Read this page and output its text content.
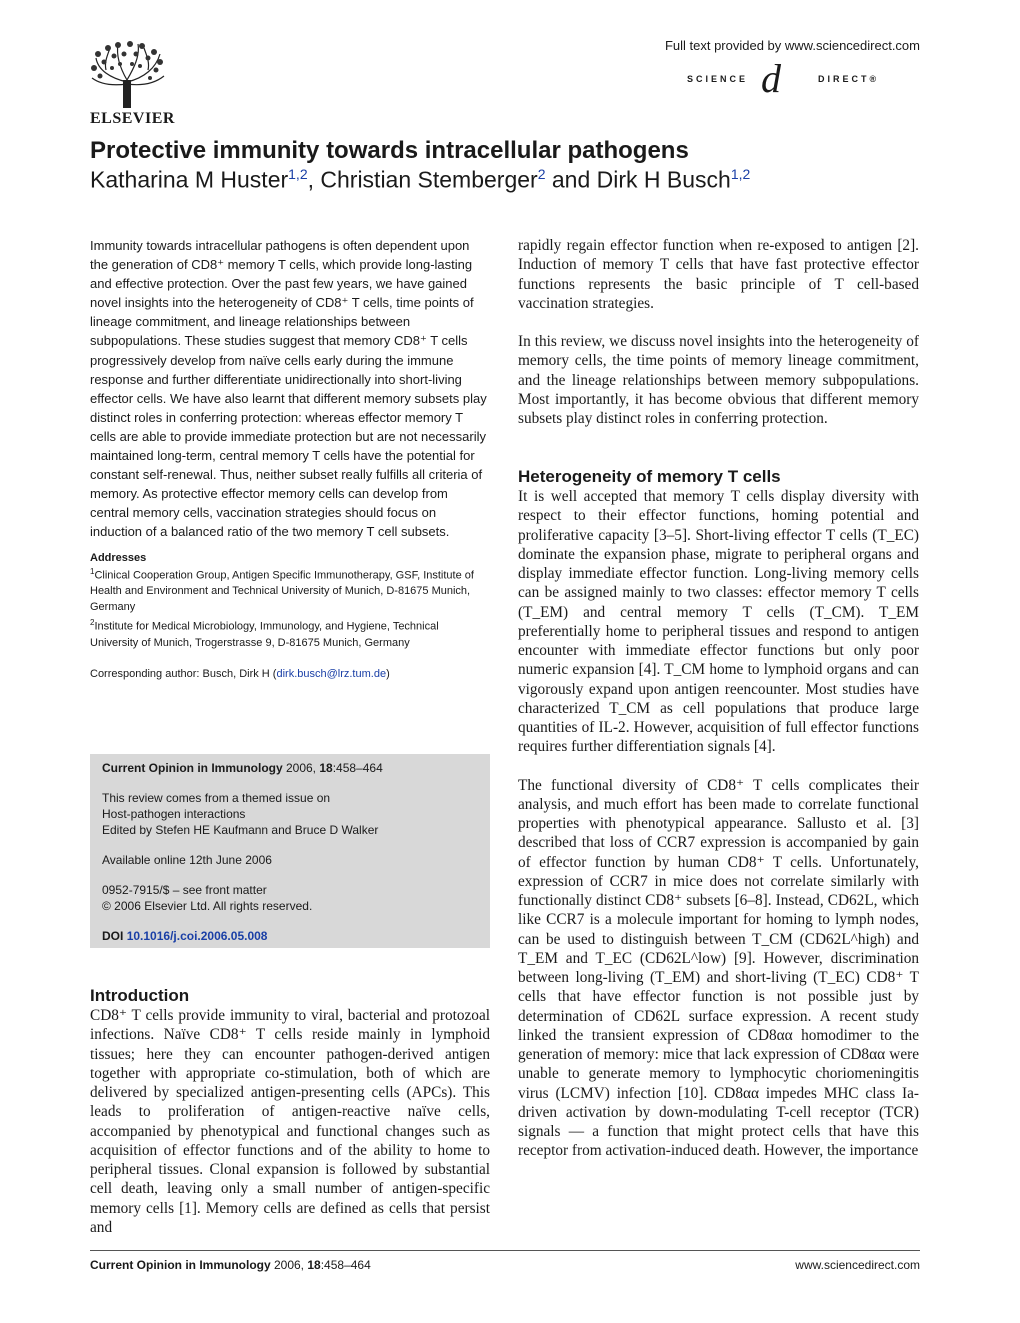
ELSEVIER
Full text provided by www.sciencedirect.com
SCIENCE d	DIRECT®
Protective immunity towards intracellular pathogens

Katharina M Huster$^{1,2}$, Christian Stemberger$^2$ and Dirk H Busch$^{1,2}$

Immunity towards intracellular pathogens is often dependent upon the generation of CD8⁺ memory T cells, which provide long-lasting and effective protection. Over the past few years, we have gained novel insights into the heterogeneity of CD8⁺ T cells, time points of lineage commitment, and lineage relationships between subpopulations. These studies suggest that memory CD8⁺ T cells progressively develop from naïve cells early during the immune response and further differentiate unidirectionally into short-living effector cells. We have also learnt that different memory subsets play distinct roles in conferring protection: whereas effector memory T cells are able to provide immediate protection but are not necessarily maintained long-term, central memory T cells have the potential for constant self-renewal. Thus, neither subset really fulfills all criteria of memory. As protective effector memory cells can develop from central memory cells, vaccination strategies should focus on induction of a balanced ratio of the two memory T cell subsets.

Addresses

$^1$Clinical Cooperation Group, Antigen Specific Immunotherapy, GSF, Institute of Health and Environment and Technical University of Munich, D-81675 Munich, Germany

$^2$Institute for Medical Microbiology, Immunology, and Hygiene, Technical University of Munich, Trogerstrasse 9, D-81675 Munich, Germany

Corresponding author: Busch, Dirk H (dirk.busch@lrz.tum.de)

Current Opinion in Immunology 2006, 18:458–464

This review comes from a themed issue on
Host-pathogen interactions
Edited by Stefen HE Kaufmann and Bruce D Walker

Available online 12th June 2006

0952-7915/$ – see front matter
© 2006 Elsevier Ltd. All rights reserved.

DOI 10.1016/j.coi.2006.05.008

Introduction

CD8⁺ T cells provide immunity to viral, bacterial and protozoal infections. Naïve CD8⁺ T cells reside mainly in lymphoid tissues; here they can encounter pathogen-derived antigen together with appropriate co-stimulation, both of which are delivered by specialized antigen-presenting cells (APCs). This leads to proliferation of antigen-reactive naïve cells, accompanied by phenotypical and functional changes such as acquisition of effector functions and of the ability to home to peripheral tissues. Clonal expansion is followed by substantial cell death, leaving only a small number of antigen-specific memory cells [1]. Memory cells are defined as cells that persist and

rapidly regain effector function when re-exposed to antigen [2]. Induction of memory T cells that have fast protective effector functions represents the basic principle of T cell-based vaccination strategies.

In this review, we discuss novel insights into the heterogeneity of memory cells, the time points of memory lineage commitment, and the lineage relationships between memory subpopulations. Most importantly, it has become obvious that different memory subsets play distinct roles in conferring protection.

Heterogeneity of memory T cells

It is well accepted that memory T cells display diversity with respect to their effector functions, homing potential and proliferative capacity [3–5]. Short-living effector T cells (T_EC) dominate the expansion phase, migrate to peripheral organs and display immediate effector function. Long-living memory cells can be assigned mainly to two classes: effector memory T cells (T_EM) and central memory T cells (T_CM). T_EM preferentially home to peripheral tissues and respond to antigen encounter with immediate effector functions but only poor numeric expansion [4]. T_CM home to lymphoid organs and can vigorously expand upon antigen reencounter. Most studies have characterized T_CM as cell populations that produce large quantities of IL-2. However, acquisition of full effector functions requires further differentiation signals [4].

The functional diversity of CD8⁺ T cells complicates their analysis, and much effort has been made to correlate functional properties with phenotypical appearance. Sallusto et al. [3] described that loss of CCR7 expression is accompanied by gain of effector function by human CD8⁺ T cells. Unfortunately, expression of CCR7 in mice does not correlate similarly with functionally distinct CD8⁺ subsets [6–8]. Instead, CD62L, which like CCR7 is a molecule important for homing to lymph nodes, can be used to distinguish between T_CM (CD62L^high) and T_EM and T_EC (CD62L^low) [9]. However, discrimination between long-living (T_EM) and short-living (T_EC) CD8⁺ T cells that have effector function is not possible just by determination of CD62L surface expression. A recent study linked the transient expression of CD8αα homodimer to the generation of memory: mice that lack expression of CD8αα were unable to generate memory to lymphocytic choriomeningitis virus (LCMV) infection [10]. CD8αα impedes MHC class Ia-driven activation by down-modulating T-cell receptor (TCR) signals — a function that might protect cells that have this receptor from activation-induced death. However, the importance

Current Opinion in Immunology 2006, 18:458–464	www.sciencedirect.com
